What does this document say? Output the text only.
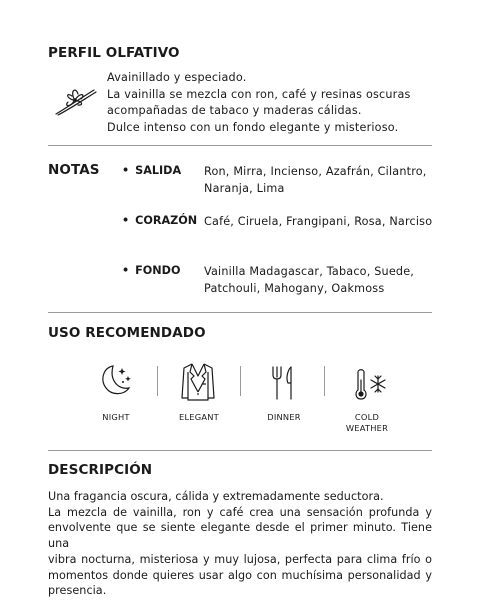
PERFIL OLFATIVO
Avainillado y especiado.
La vainilla se mezcla con ron, café y resinas oscuras
acompañadas de tabaco y maderas cálidas.
Dulce intenso con un fondo elegante y misterioso.
NOTAS
•	SALIDA Ron, Mirra, Incienso, Azafrán, Cilantro,
Naranja, Lima
• CORAZÓN Café, Ciruela, Frangipani, Rosa, Narciso
• FONDO Vainilla Madagascar, Tabaco, Suede,
Patchouli, Mahogany, Oakmoss
USO RECOMENDADO
NIGHT	ELEGANT	DINNER	COLD
WEATHER
DESCRIPCIÓN
Una fragancia oscura, cálida y extremadamente seductora.
La mezcla de vainilla, ron y café crea una sensación profunda y
envolvente que se siente elegante desde el primer minuto. Tiene una
vibra nocturna, misteriosa y muy lujosa, perfecta para clima frío o
momentos donde quieres usar algo con muchísima personalidad y
presencia.
